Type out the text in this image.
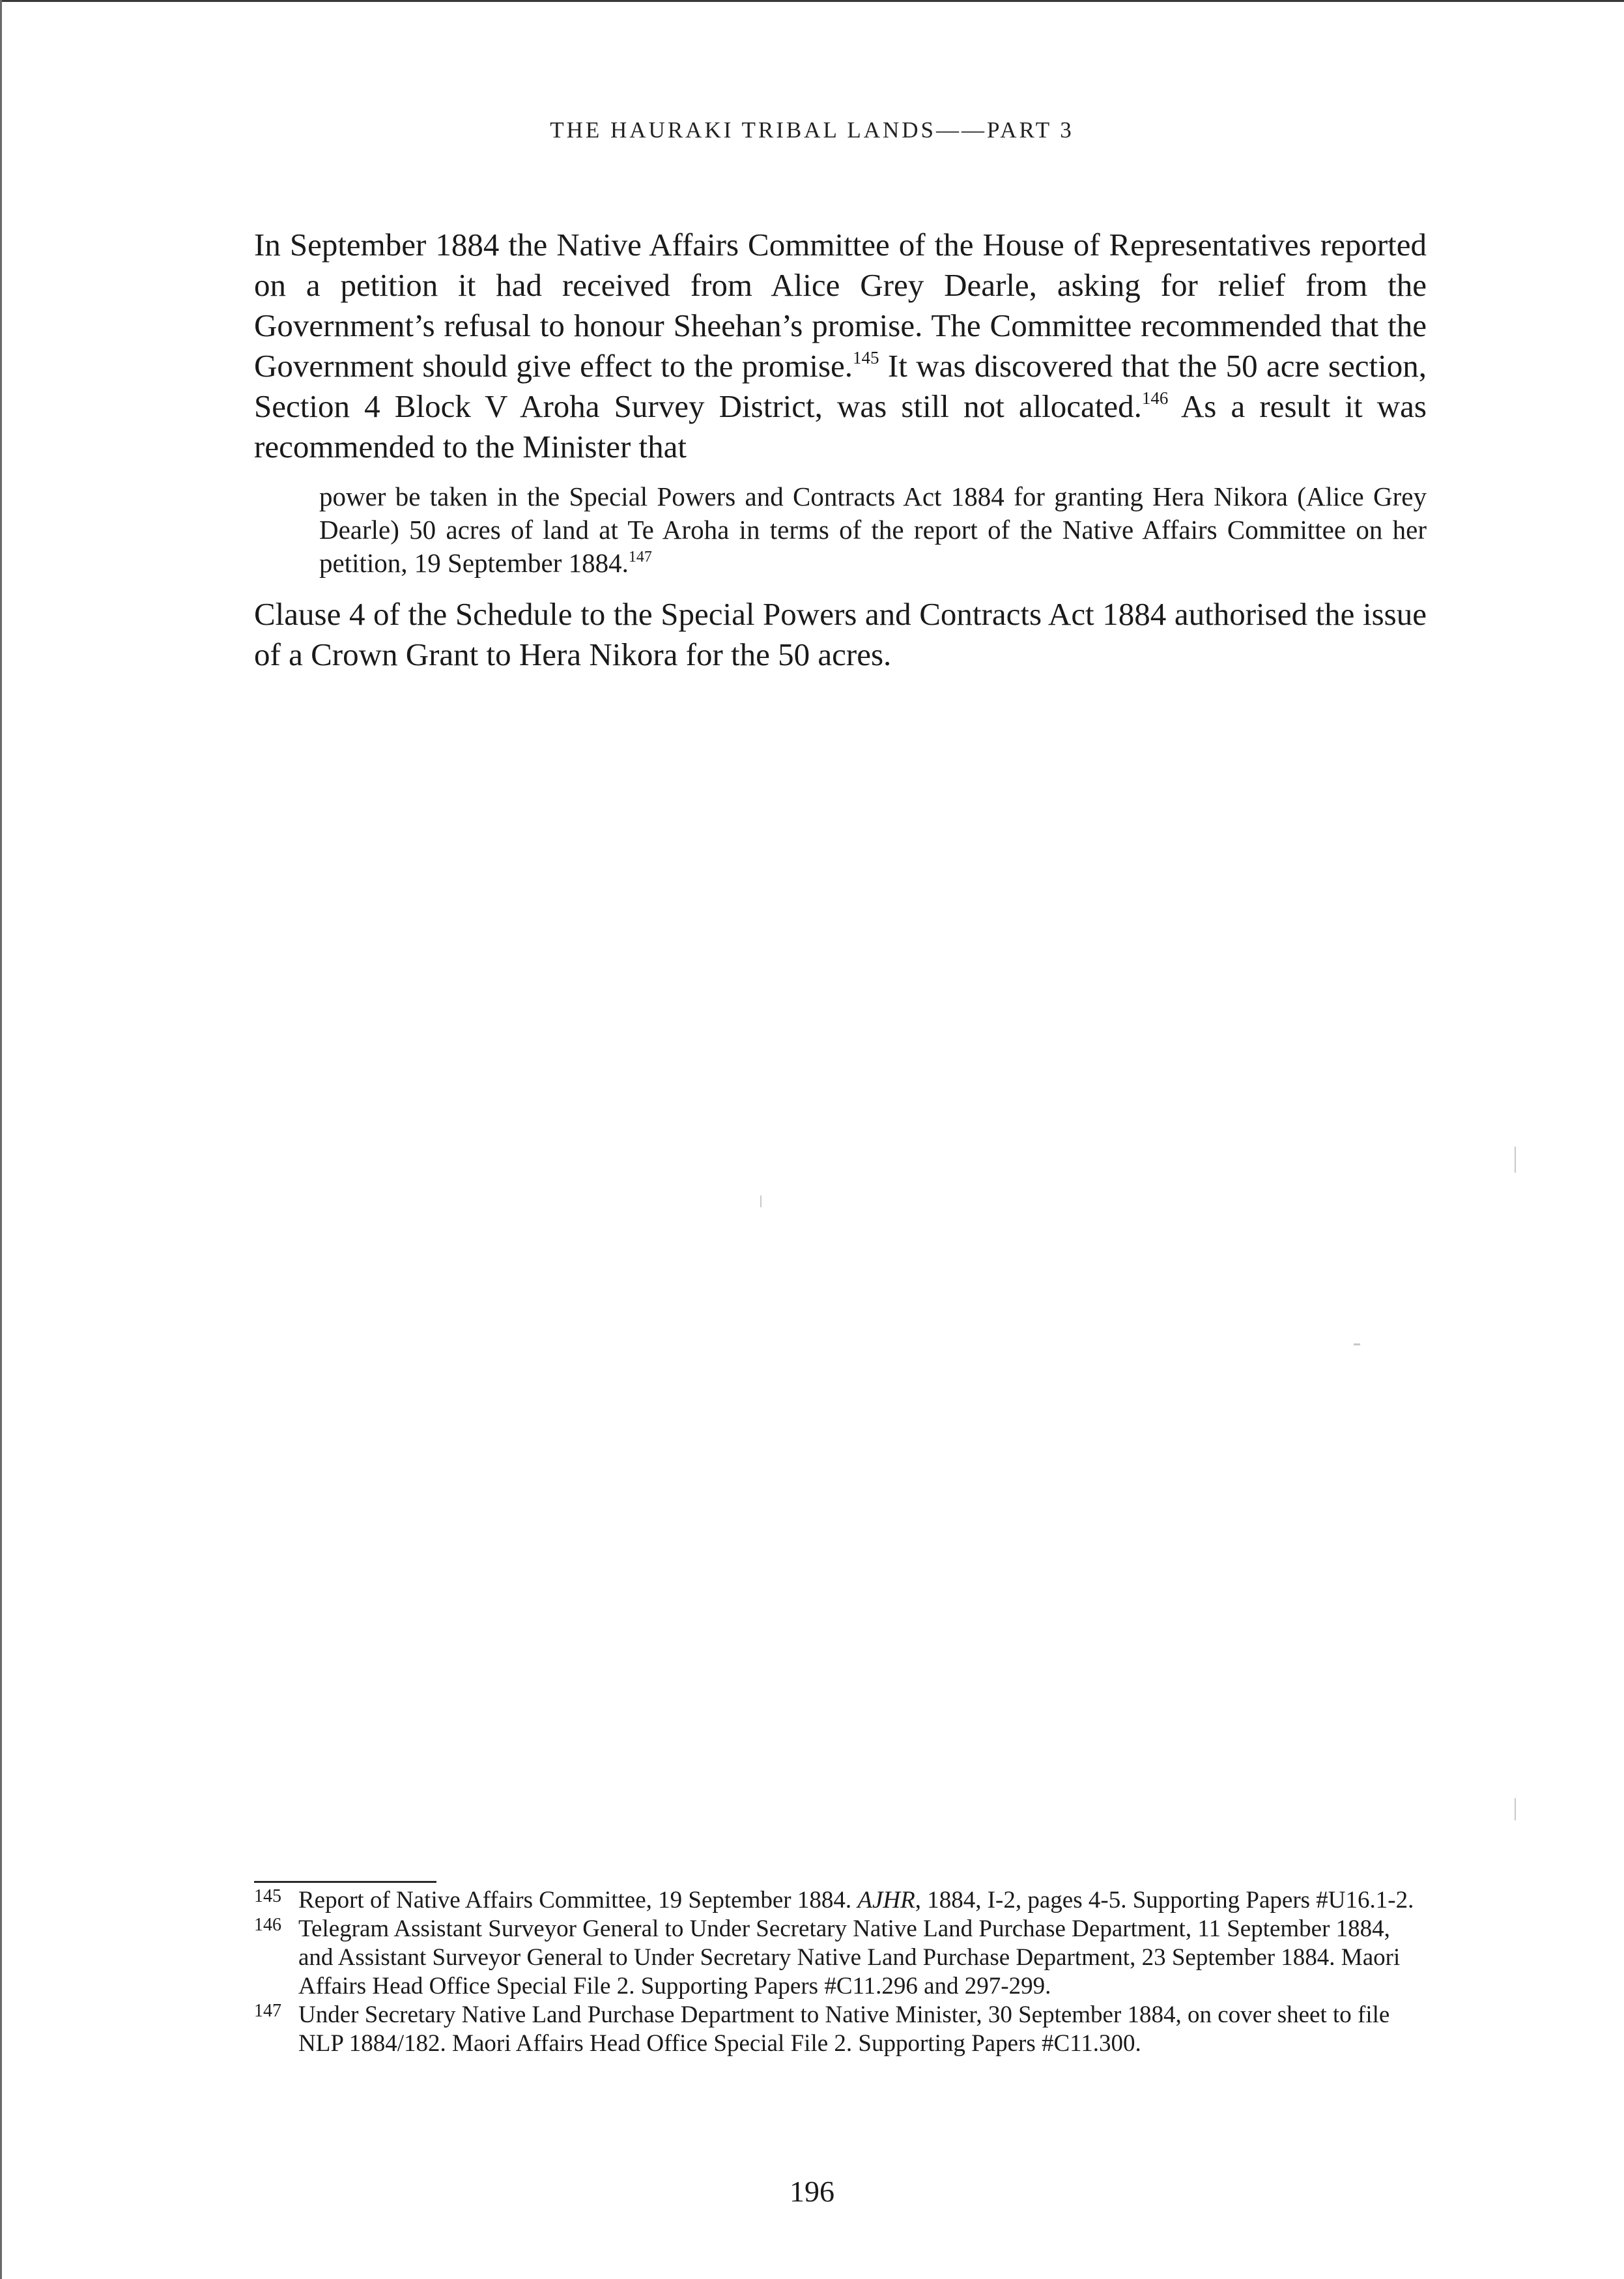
THE HAURAKI TRIBAL LANDS——PART 3

In September 1884 the Native Affairs Committee of the House of Representatives reported on a petition it had received from Alice Grey Dearle, asking for relief from the Government’s refusal to honour Sheehan’s promise. The Committee recommended that the Government should give effect to the promise.$^{145}$ It was discovered that the 50 acre section, Section 4 Block V Aroha Survey District, was still not allocated.$^{146}$ As a result it was recommended to the Minister that

power be taken in the Special Powers and Contracts Act 1884 for granting Hera Nikora (Alice Grey Dearle) 50 acres of land at Te Aroha in terms of the report of the Native Affairs Committee on her petition, 19 September 1884.$^{147}$

Clause 4 of the Schedule to the Special Powers and Contracts Act 1884 authorised the issue of a Crown Grant to Hera Nikora for the 50 acres.

145 Report of Native Affairs Committee, 19 September 1884. AJHR, 1884, I-2, pages 4-5. Supporting Papers #U16.1-2.
146 Telegram Assistant Surveyor General to Under Secretary Native Land Purchase Department, 11 September 1884, and Assistant Surveyor General to Under Secretary Native Land Purchase Department, 23 September 1884. Maori Affairs Head Office Special File 2. Supporting Papers #C11.296 and 297-299.
147 Under Secretary Native Land Purchase Department to Native Minister, 30 September 1884, on cover sheet to file NLP 1884/182. Maori Affairs Head Office Special File 2. Supporting Papers #C11.300.
196
